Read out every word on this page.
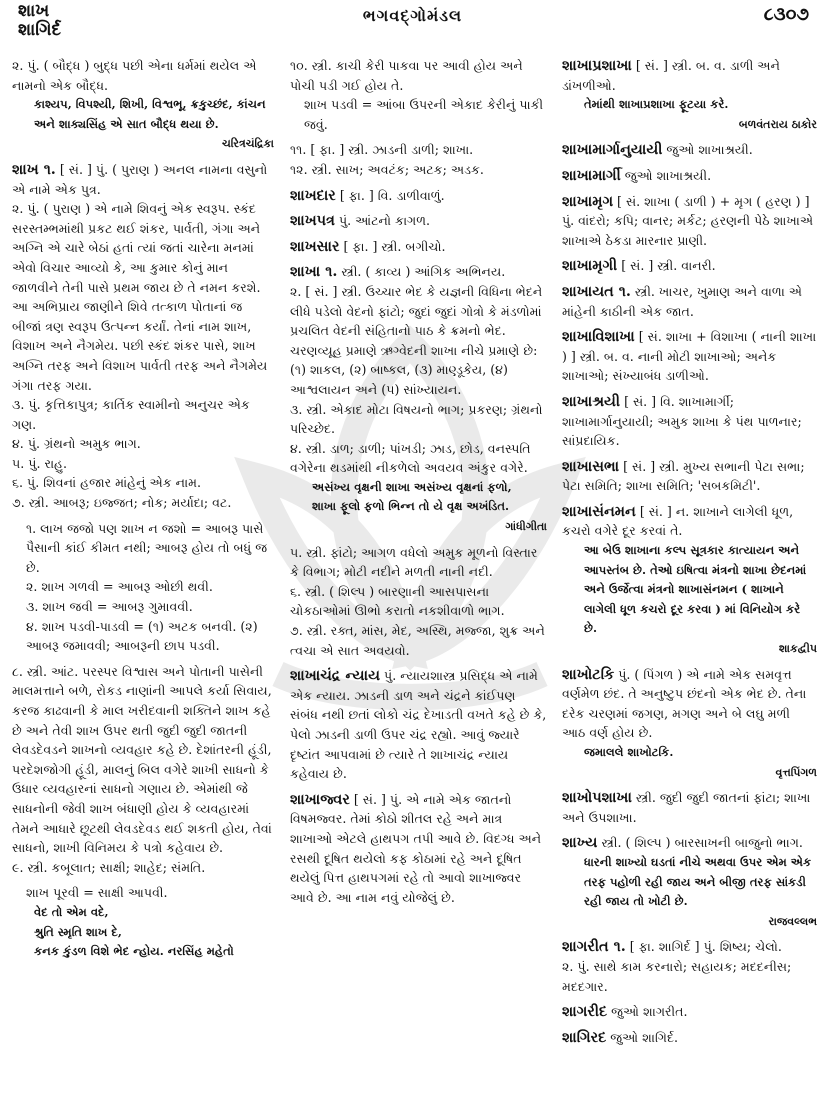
શાખ
શાગિર્દ
ભગવદ્ગોમંડલ	૮૩૦૭

૨. પું. ( બૌદ્ધ ) બુદ્ધ પછી એના ધર્મમાં થયેલ એ નામનો એક બૌદ્ધ.

કાશ્યપ, વિપશ્યી, શિખી, વિશ્વભૂ, ક્રકુચ્છંદ, કાંચન અને શાક્યસિંહ એ સાત બૌદ્ધ થયા છે.

ચરિત્રચંદ્રિકા

શાખ ૧. [ સં. ] પું. ( પુરાણ ) અનલ નામના વસુનો એ નામે એક પુત્ર.

૨. પું. ( પુરાણ ) એ નામે શિવનું એક સ્વરૂપ. સ્કંદ સરસ્તમ્ભમાંથી પ્રકટ થઈ શંકર, પાર્વતી, ગંગા અને અગ્નિ એ ચારે બેઠાં હતાં ત્યાં જતાં ચારેના મનમાં એવો વિચાર આવ્યો કે, આ કુમાર કોનું માન જાળવીને તેની પાસે પ્રથમ જાય છે તે નમન કરશે. આ અભિપ્રાય જાણીને શિવે તત્કાળ પોતાનાં જ બીજાં ત્રણ સ્વરૂપ ઉત્પન્ન કર્યાં. તેનાં નામ શાખ, વિશાખ અને નૈગમેય. પછી સ્કંદ શંકર પાસે, શાખ અગ્નિ તરફ અને વિશાખ પાર્વતી તરફ અને નૈગમેય ગંગા તરફ ગયા.

૩. પું. કૃત્તિકાપુત્ર; કાર્તિક સ્વામીનો અનુચર એક ગણ.

૪. પું. ગ્રંથનો અમુક ભાગ.

૫. પું. રાહુ.

૬. પું. શિવનાં હજાર માંહેનું એક નામ.

૭. સ્ત્રી. આબરૂ; ઇજ્જત; નોક; મર્યાદા; વટ.

૧. લાખ જજો પણ શાખ ન જશો = આબરૂ પાસે પૈસાની કાંઈ કીમત નથી; આબરૂ હોય તો બધું જ છે.

૨. શાખ ગળવી = આબરૂ ઓછી થવી.

૩. શાખ જવી = આબરૂ ગુમાવવી.

૪. શાખ પડવી-પાડવી = (૧) અટક બનવી. (૨) આબરૂ જમાવવી; આબરૂની છાપ પડવી.

૮. સ્ત્રી. આંટ. પરસ્પર વિશ્વાસ અને પોતાની પાસેની માલમત્તાને બળે, રોકડ નાણાંની આપલે કર્યા સિવાય, કરજ કાઢવાની કે માલ ખરીદવાની શક્તિને શાખ કહે છે અને તેવી શાખ ઉપર થતી જુદી જુદી જાતની લેવડદેવડને શાખનો વ્યવહાર કહે છે. દેશાંતરની હૂંડી, પરદેશજોગી હૂંડી, માલનું બિલ વગેરે શાખી સાધનો કે ઉધાર વ્યવહારનાં સાધનો ગણાય છે. એમાંથી જે સાધનોની જેવી શાખ બંધાણી હોય કે વ્યવહારમાં તેમને આધારે છૂટથી લેવડદેવડ થઈ શકતી હોય, તેવાં સાધનો, શાખી વિનિમય કે પત્રો કહેવાય છે.

૯. સ્ત્રી. કબૂલાત; સાક્ષી; શાહેદ; સંમતિ.

શાખ પૂરવી = સાક્ષી આપવી.

વેદ તો એમ વદે,

શ્રુતિ સ્મૃતિ શાખ દે,

કનક કુંડળ વિશે ભેદ ન્હોય. નરસિંહ મહેતો

૧૦. સ્ત્રી. કાચી કેરી પાકવા પર આવી હોય અને પોચી પડી ગઈ હોય તે.

શાખ પડવી = આંબા ઉપરની એકાદ કેરીનું પાકી જવું.

૧૧. [ ફા. ] સ્ત્રી. ઝાડની ડાળી; શાખા.

૧૨. સ્ત્રી. સાખ; અવટંક; અટક; અડક.

શાખદાર [ ફા. ] વિ. ડાળીવાળું.

શાખપત્ર પું. આંટનો કાગળ.

શાખસાર [ ફા. ] સ્ત્રી. બગીચો.

શાખા ૧. સ્ત્રી. ( કાવ્ય ) આંગિક અભિનય.

૨. [ સં. ] સ્ત્રી. ઉચ્ચાર ભેદ કે યજ્ઞની વિધિના ભેદને લીધે પડેલો વેદનો ફાંટો; જુદાં જુદાં ગોત્રો કે મંડળોમાં પ્રચલિત વેદની સંહિતાનો પાઠ કે ક્રમનો ભેદ. ચરણવ્યૂહ પ્રમાણે ઋગ્વેદની શાખા નીચે પ્રમાણે છે: (૧) શાકલ, (૨) બાષ્કલ, (૩) માણ્ડૂકેય, (૪) આશ્વલાયન અને (૫) સાંખ્યાયન.

૩. સ્ત્રી. એકાદ મોટા વિષયનો ભાગ; પ્રકરણ; ગ્રંથનો પરિચ્છેદ.

૪. સ્ત્રી. ડાળ; ડાળી; પાંખડી; ઝાડ, છોડ, વનસ્પતિ વગેરેના થડમાંથી નીકળેલો અવયવ અંકુર વગેરે.

અસંખ્ય વૃક્ષની શાખા અસંખ્ય વૃક્ષનાં ફળો,

શાખા ફૂલો ફળો ભિન્ન તો યે વૃક્ષ અખંડિત.

ગાંધીગીતા

૫. સ્ત્રી. ફાંટો; આગળ વધેલો અમુક મૂળનો વિસ્તાર કે વિભાગ; મોટી નદીને મળતી નાની નદી.

૬. સ્ત્રી. ( શિલ્પ ) બારણાની આસપાસના ચોકઠાઓમાં ઊભો કરાતો નકશીવાળો ભાગ.

૭. સ્ત્રી. રક્ત, માંસ, મેદ, અસ્થિ, મજ્જા, શુક્ર અને ત્વચા એ સાત અવયવો.

શાખાચંદ્ર ન્યાય પું. ન્યાયશાસ્ત્ર પ્રસિદ્ધ એ નામે એક ન્યાય. ઝાડની ડાળ અને ચંદ્રને કાંઈપણ સંબંધ નથી છતાં લોકો ચંદ્ર દેખાડતી વખતે કહે છે કે, પેલો ઝાડની ડાળી ઉપર ચંદ્ર રહ્યો. આવું જ્યારે દૃષ્ટાંત આપવામાં છે ત્યારે તે શાખાચંદ્ર ન્યાય કહેવાય છે.

શાખાજ્વર [ સં. ] પું. એ નામે એક જાતનો વિષમજ્વર. તેમાં કોઠો શીતલ રહે અને માત્ર શાખાઓ એટલે હાથપગ તપી આવે છે. વિદગ્ધ અને રસથી દૂષિત થયેલો કફ કોઠામાં રહે અને દૂષિત થયેલું પિત્ત હાથપગમાં રહે તો આવો શાખાજ્વર આવે છે. આ નામ નવું યોજેલું છે.

શાખાપ્રશાખા [ સં. ] સ્ત્રી. બ. વ. ડાળી અને ડાંખળીઓ.

તેમાંથી શાખાપ્રશાખા ફૂટયા કરે.

બળવંતરાય ઠાકોર

શાખામાર્ગાનુયાયી જુઓ શાખાશ્રયી.

શાખામાર્ગી જુઓ શાખાશ્રયી.

શાખામૃગ [ સં. શાખા ( ડાળી ) + મૃગ ( હરણ ) ] પું. વાંદરો; કપિ; વાનર; મર્કટ; હરણની પેઠે શાખાએ શાખાએ ઠેકડા મારનાર પ્રાણી.

શાખામૃગી [ સં. ] સ્ત્રી. વાનરી.

શાખાયત ૧. સ્ત્રી. ખાચર, ખુમાણ અને વાળા એ માંહેની કાઠીની એક જાત.

શાખાવિશાખા [ સં. શાખા + વિશાખા ( નાની શાખા ) ] સ્ત્રી. બ. વ. નાની મોટી શાખાઓ; અનેક શાખાઓ; સંખ્યાબંધ ડાળીઓ.

શાખાશ્રયી [ સં. ] વિ. શાખામાર્ગી; શાખામાર્ગાનુયાયી; અમુક શાખા કે પંથ પાળનાર; સાંપ્રદાયિક.

શાખાસભા [ સં. ] સ્ત્રી. મુખ્ય સભાની પેટા સભા; પેટા સમિતિ; શાખા સમિતિ; 'સબકમિટી'.

શાખાસંનમન [ સં. ] ન. શાખાને લાગેલી ધૂળ, કચરો વગેરે દૂર કરવાં તે.

આ બેઉ શાખાના કલ્પ સૂત્રકાર કાત્યાયન અને આપસ્તંબ છે. તેઓ ઇષિત્વા મંત્રનો શાખા છેદનમાં અને ઉર્જેત્વા મંત્રનો શાખાસંનમન ( શાખાને લાગેલી ધૂળ કચરો દૂર કરવા ) માં વિનિયોગ કરે છે.

શાકદ્વીપ

શાખોટકિ પું. ( પિંગળ ) એ નામે એક સમવૃત્ત વર્ણમેળ છંદ. તે અનુષ્ટુપ છંદનો એક ભેદ છે. તેના દરેક ચરણમાં જગણ, મગણ અને બે લઘુ મળી આઠ વર્ણ હોય છે.

જમાલલે શાખોટકિ.

વૃત્તપિંગળ

શાખોપશાખા સ્ત્રી. જુદી જુદી જાતનાં ફાંટા; શાખા અને ઉપશાખા.

શાખ્ય સ્ત્રી. ( શિલ્પ ) બારસાખની બાજુનો ભાગ.

ધારની શાખ્યો ઘડતાં નીચે અથવા ઉપર એમ એક તરફ પહોળી રહી જાય અને બીજી તરફ સાંકડી રહી જાય તો ખોટી છે.

રાજવલ્લભ

શાગરીત ૧. [ ફા. શાગિર્દ ] પું. શિષ્ય; ચેલો.

૨. પું. સાથે કામ કરનારો; સહાયક; મદદનીસ; મદદગાર.

શાગરીદ જુઓ શાગરીત.

શાગિરદ જુઓ શાગિર્દ.
